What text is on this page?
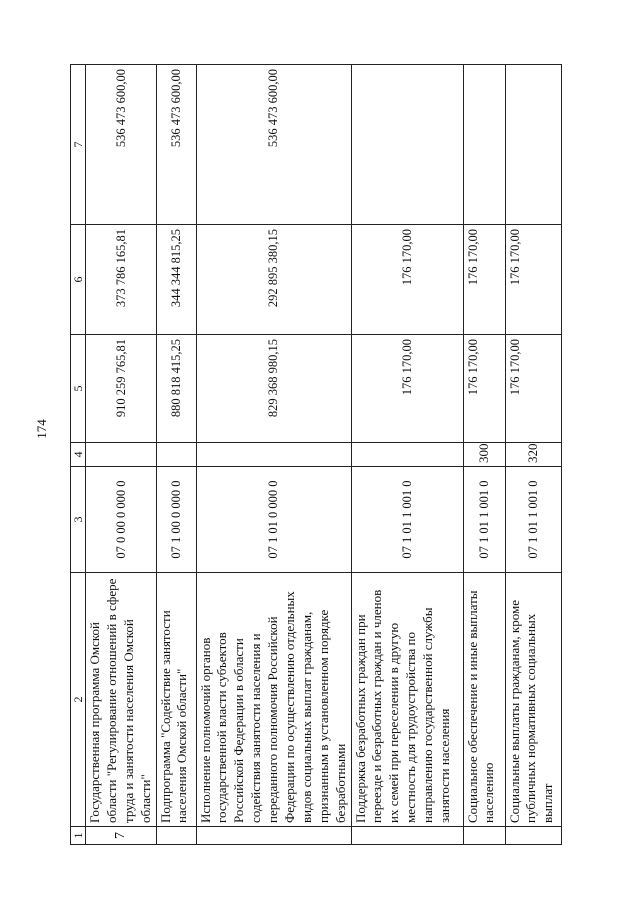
174
1	2	3	4	5	6	7
7	Государственная программа Омской области "Регулирование отношений в сфере труда и занятости населения Омской области"	07 0 00 0 000 0		910 259 765,81	373 786 165,81	536 473 600,00
	Подпрограмма "Содействие занятости населения Омской области"	07 1 00 0 000 0		880 818 415,25	344 344 815,25	536 473 600,00
	Исполнение полномочий органов государственной власти субъектов Российской Федерации в области содействия занятости населения и переданного полномочия Российской Федерации по осуществлению отдельных видов социальных выплат гражданам, признанным в установленном порядке безработными	07 1 01 0 000 0		829 368 980,15	292 895 380,15	536 473 600,00
	Поддержка безработных граждан при переезде и безработных граждан и членов их семей при переселении в другую местность для трудоустройства по направлению государственной службы занятости населения	07 1 01 1 001 0		176 170,00	176 170,00	
	Социальное обеспечение и иные выплаты населению	07 1 01 1 001 0	300	176 170,00	176 170,00	
	Социальные выплаты гражданам, кроме публичных нормативных социальных выплат	07 1 01 1 001 0	320	176 170,00	176 170,00	
